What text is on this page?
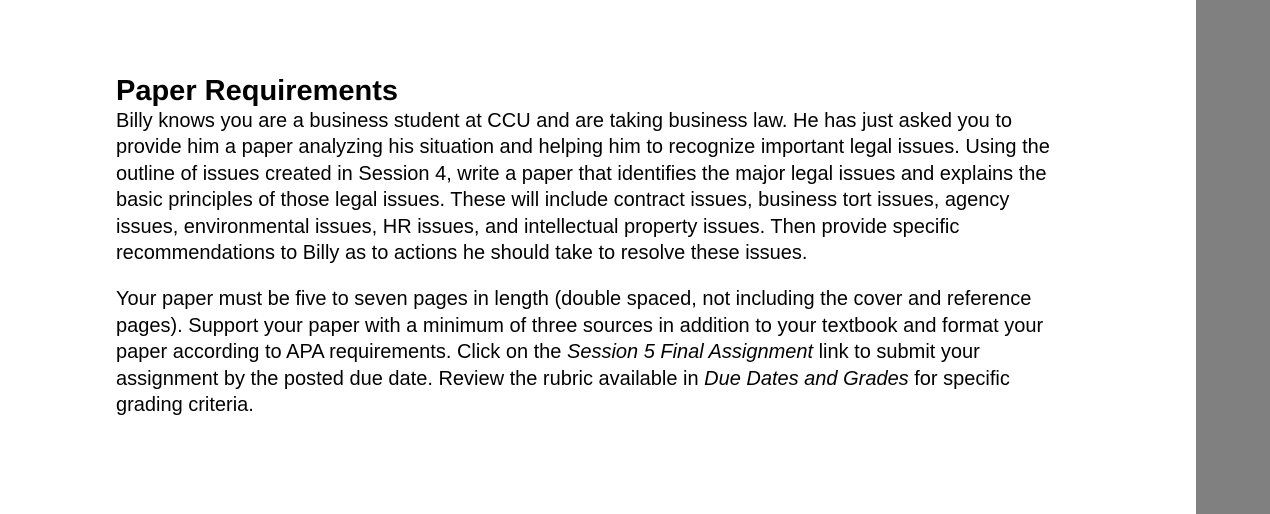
Paper Requirements

Billy knows you are a business student at CCU and are taking business law. He has just asked you to provide him a paper analyzing his situation and helping him to recognize important legal issues. Using the outline of issues created in Session 4, write a paper that identifies the major legal issues and explains the basic principles of those legal issues. These will include contract issues, business tort issues, agency issues, environmental issues, HR issues, and intellectual property issues. Then provide specific recommendations to Billy as to actions he should take to resolve these issues.

Your paper must be five to seven pages in length (double spaced, not including the cover and reference pages). Support your paper with a minimum of three sources in addition to your textbook and format your paper according to APA requirements. Click on the Session 5 Final Assignment link to submit your assignment by the posted due date. Review the rubric available in Due Dates and Grades for specific grading criteria.
